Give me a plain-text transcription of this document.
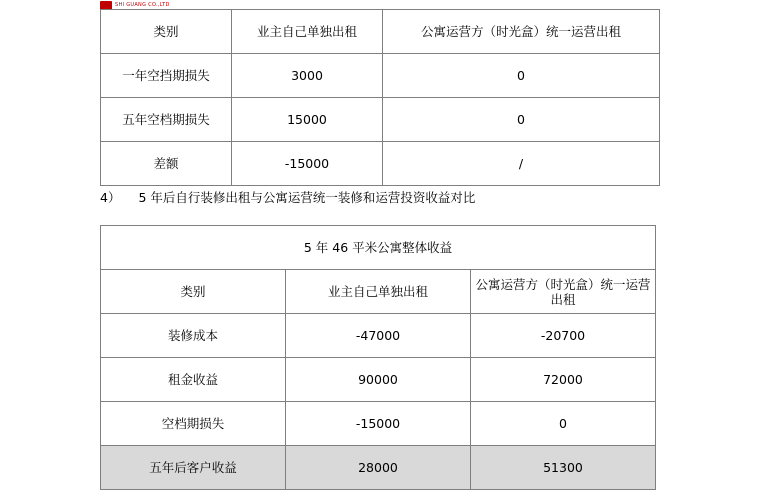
SHI GUANG CO.,LTD
类别	业主自己单独出租	公寓运营方（时光盒）统一运营出租
一年空挡期损失	3000	0
五年空档期损失	15000	0
差额	-15000	/
4） 5 年后自行装修出租与公寓运营统一装修和运营投资收益对比
5 年 46 平米公寓整体收益		
类别	业主自己单独出租	公寓运营方（时光盒）统一运营出租
装修成本	-47000	-20700
租金收益	90000	72000
空档期损失	-15000	0
五年后客户收益	28000	51300
